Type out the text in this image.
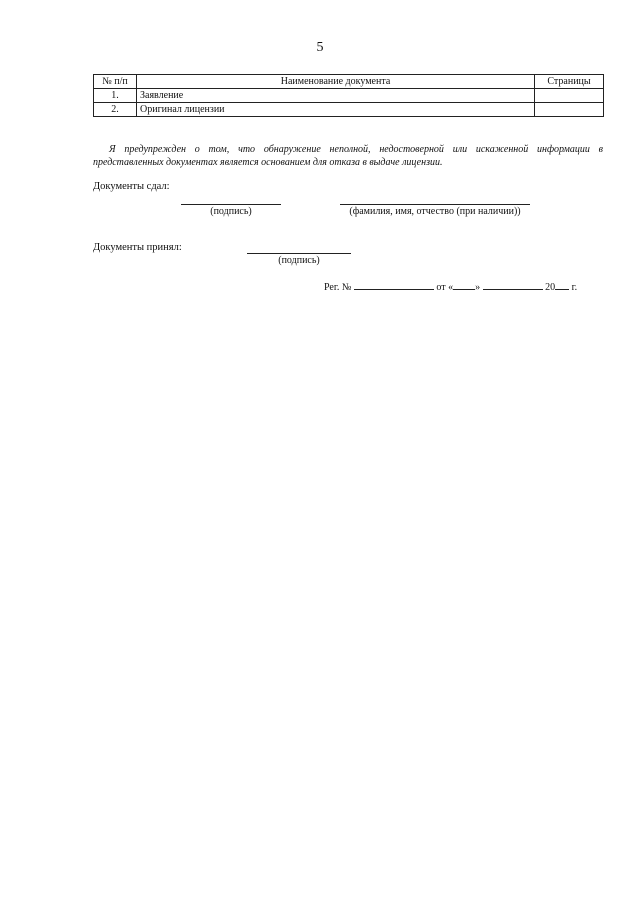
5
№ п/п	Наименование документа	Страницы
1.	Заявление	
2.	Оригинал лицензии	

Я предупрежден о том, что обнаружение неполной, недостоверной или искаженной информации в представленных документах является основанием для отказа в выдаче лицензии.

Документы сдал:
(подпись)	(фамилия, имя, отчество (при наличии))
Документы принял:
(подпись)
Рег. №	от « »	20 г.
